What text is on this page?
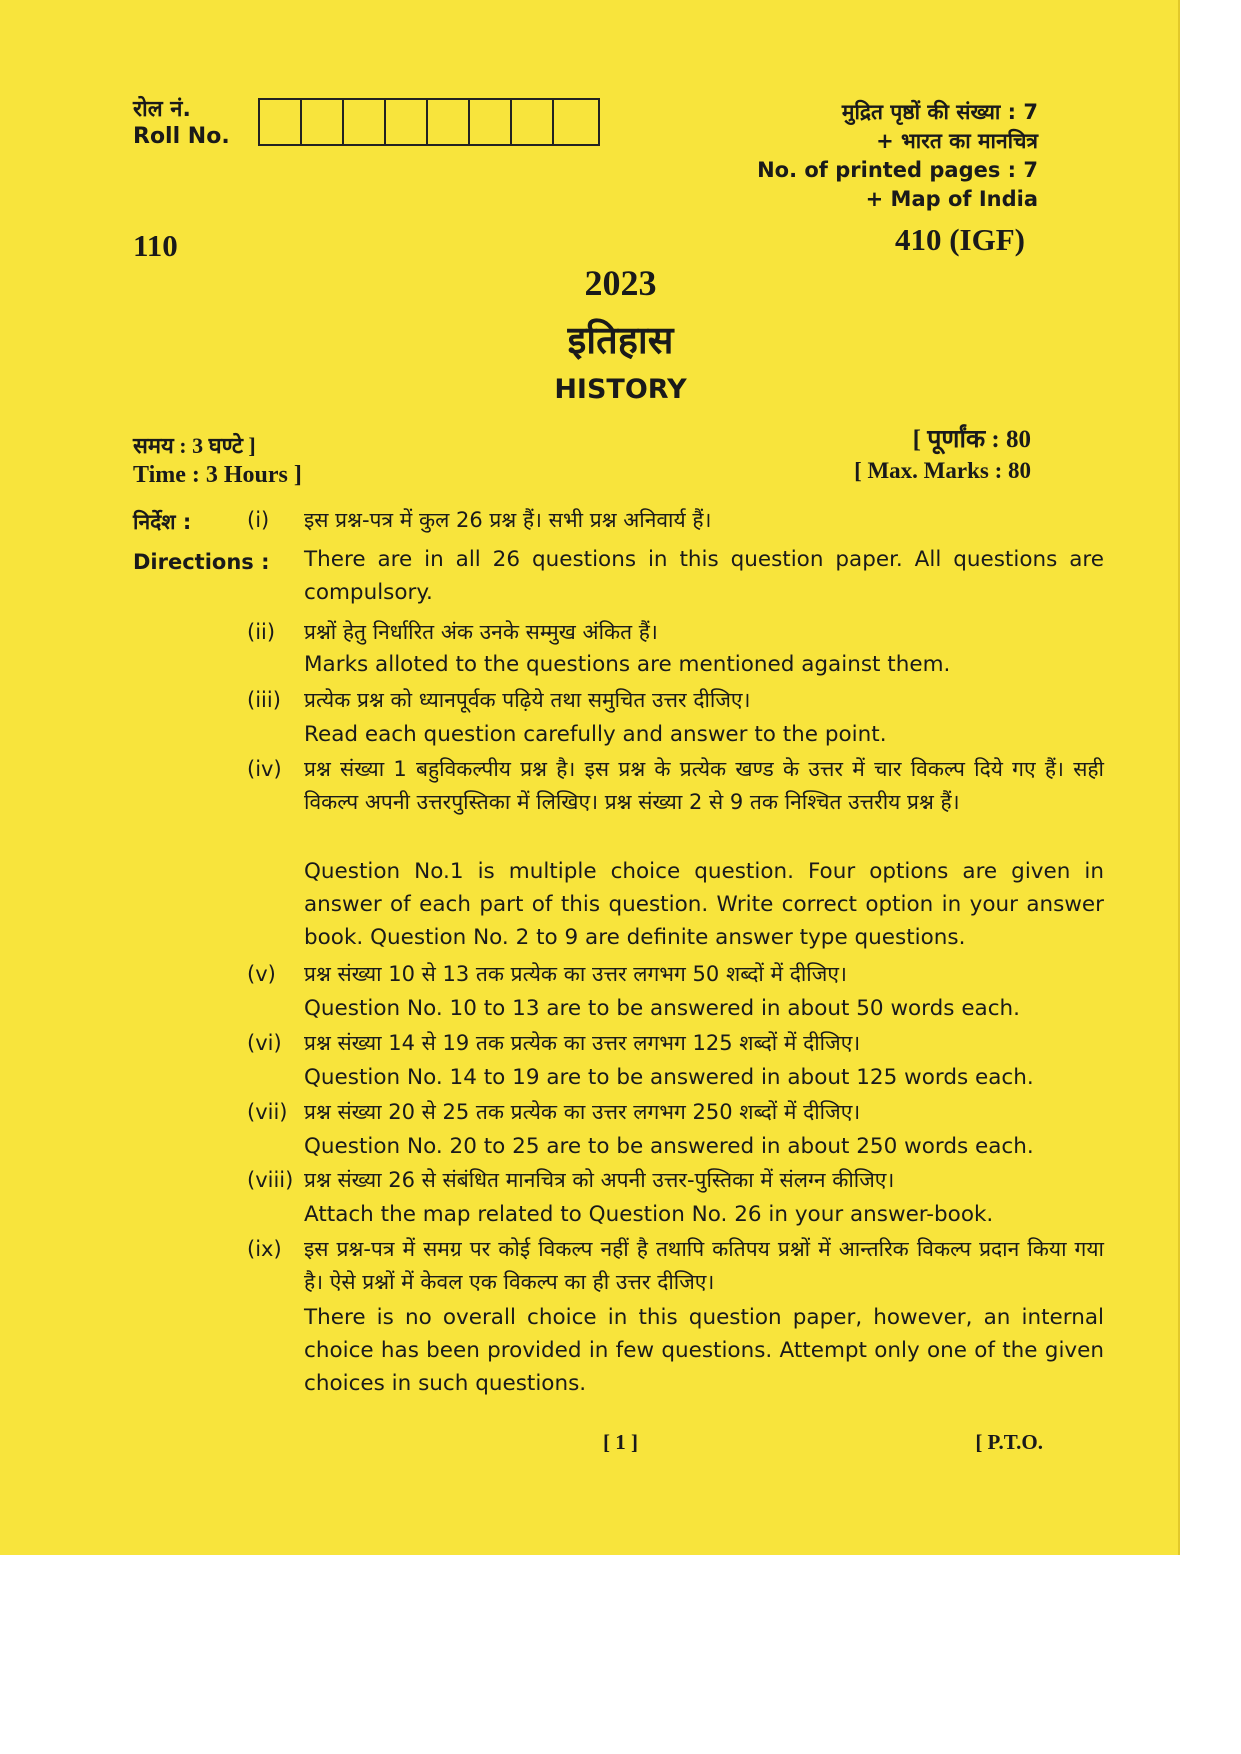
रोल नं.
Roll No.
मुद्रित पृष्ठों की संख्या : 7
+ भारत का मानचित्र
No. of printed pages : 7
+ Map of India
110	410 (IGF)
2023
इतिहास
HISTORY
समय : 3 घण्टे ]
Time : 3 Hours ]
[ पूर्णांक : 80
[ Max. Marks : 80
निर्देश :
Directions :
(i) इस प्रश्न-पत्र में कुल 26 प्रश्न हैं। सभी प्रश्न अनिवार्य हैं।
There are in all 26 questions in this question paper. All questions are compulsory.
(ii) प्रश्नों हेतु निर्धारित अंक उनके सम्मुख अंकित हैं।
Marks alloted to the questions are mentioned against them.
(iii) प्रत्येक प्रश्न को ध्यानपूर्वक पढ़िये तथा समुचित उत्तर दीजिए।
Read each question carefully and answer to the point.
(iv) प्रश्न संख्या 1 बहुविकल्पीय प्रश्न है। इस प्रश्न के प्रत्येक खण्ड के उत्तर में चार विकल्प दिये गए हैं। सही विकल्प अपनी उत्तरपुस्तिका में लिखिए। प्रश्न संख्या 2 से 9 तक निश्चित उत्तरीय प्रश्न हैं।
Question No.1 is multiple choice question. Four options are given in answer of each part of this question. Write correct option in your answer book. Question No. 2 to 9 are definite answer type questions.
(v) प्रश्न संख्या 10 से 13 तक प्रत्येक का उत्तर लगभग 50 शब्दों में दीजिए।
Question No. 10 to 13 are to be answered in about 50 words each.
(vi) प्रश्न संख्या 14 से 19 तक प्रत्येक का उत्तर लगभग 125 शब्दों में दीजिए।
Question No. 14 to 19 are to be answered in about 125 words each.
(vii) प्रश्न संख्या 20 से 25 तक प्रत्येक का उत्तर लगभग 250 शब्दों में दीजिए।
Question No. 20 to 25 are to be answered in about 250 words each.
(viii) प्रश्न संख्या 26 से संबंधित मानचित्र को अपनी उत्तर-पुस्तिका में संलग्न कीजिए।
Attach the map related to Question No. 26 in your answer-book.
(ix) इस प्रश्न-पत्र में समग्र पर कोई विकल्प नहीं है तथापि कतिपय प्रश्नों में आन्तरिक विकल्प प्रदान किया गया है। ऐसे प्रश्नों में केवल एक विकल्प का ही उत्तर दीजिए।
There is no overall choice in this question paper, however, an internal choice has been provided in few questions. Attempt only one of the given choices in such questions.
[ 1 ]	[ P.T.O.
